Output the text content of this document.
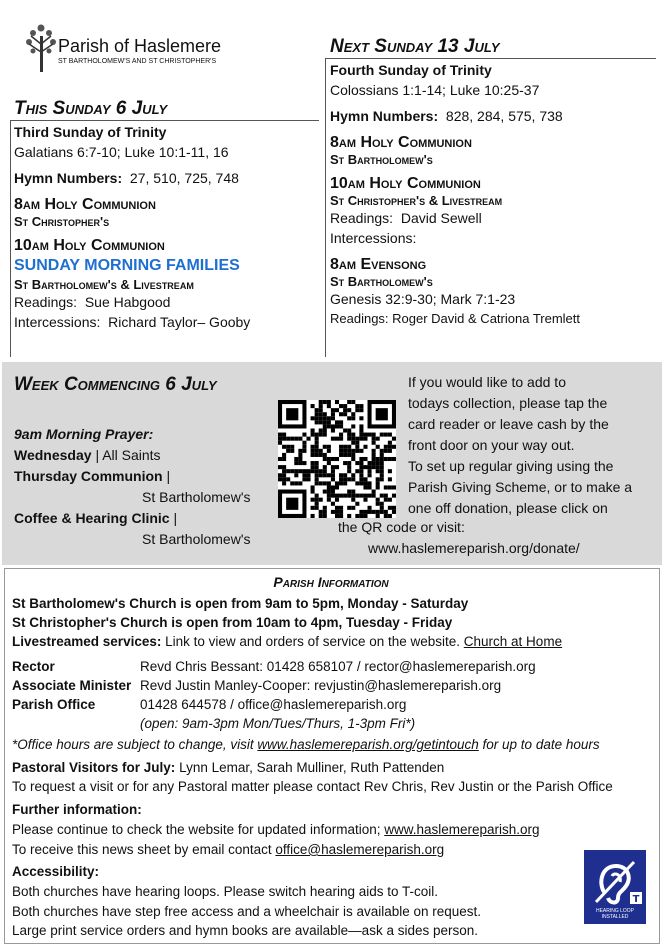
Parish of Haslemere
ST BARTHOLOMEW'S AND ST CHRISTOPHER'S
This Sunday 6 July
Third Sunday of Trinity
Galatians 6:7-10; Luke 10:1-11, 16
Hymn Numbers: 27, 510, 725, 748
8am Holy Communion
St Christopher's
10am Holy Communion
SUNDAY MORNING FAMILIES
St Bartholomew's & Livestream
Readings: Sue Habgood
Intercessions: Richard Taylor– Gooby
Next Sunday 13 July
Fourth Sunday of Trinity
Colossians 1:1-14; Luke 10:25-37
Hymn Numbers: 828, 284, 575, 738
8am Holy Communion
St Bartholomew's
10am Holy Communion
St Christopher's & Livestream
Readings: David Sewell
Intercessions:
8am Evensong
St Bartholomew's
Genesis 32:9-30; Mark 7:1-23
Readings: Roger David & Catriona Tremlett
Week Commencing 6 July
9am Morning Prayer:
Wednesday | All Saints
Thursday Communion |
St Bartholomew's
Coffee & Hearing Clinic |
St Bartholomew's
If you would like to add to
todays collection, please tap the
card reader or leave cash by the
front door on your way out.
To set up regular giving using the
Parish Giving Scheme, or to make a
one off donation, please click on
the QR code or visit:
www.haslemereparish.org/donate/
Parish Information
St Bartholomew's Church is open from 9am to 5pm, Monday - Saturday
St Christopher's Church is open from 10am to 4pm, Tuesday - Friday
Livestreamed services: Link to view and orders of service on the website. Church at Home
Rector	Revd Chris Bessant: 01428 658107 / rector@haslemereparish.org
Associate Minister Revd Justin Manley-Cooper: revjustin@haslemereparish.org
Parish Office	01428 644578 / office@haslemereparish.org
(open: 9am-3pm Mon/Tues/Thurs, 1-3pm Fri*)
*Office hours are subject to change, visit www.haslemereparish.org/getintouch for up to date hours
Pastoral Visitors for July: Lynn Lemar, Sarah Mulliner, Ruth Pattenden
To request a visit or for any Pastoral matter please contact Rev Chris, Rev Justin or the Parish Office
Further information:
Please continue to check the website for updated information; www.haslemereparish.org
To receive this news sheet by email contact office@haslemereparish.org
Accessibility:
Both churches have hearing loops. Please switch hearing aids to T-coil.
Both churches have step free access and a wheelchair is available on request.
Large print service orders and hymn books are available—ask a sides person.
T
HEARING LOOP INSTALLED
